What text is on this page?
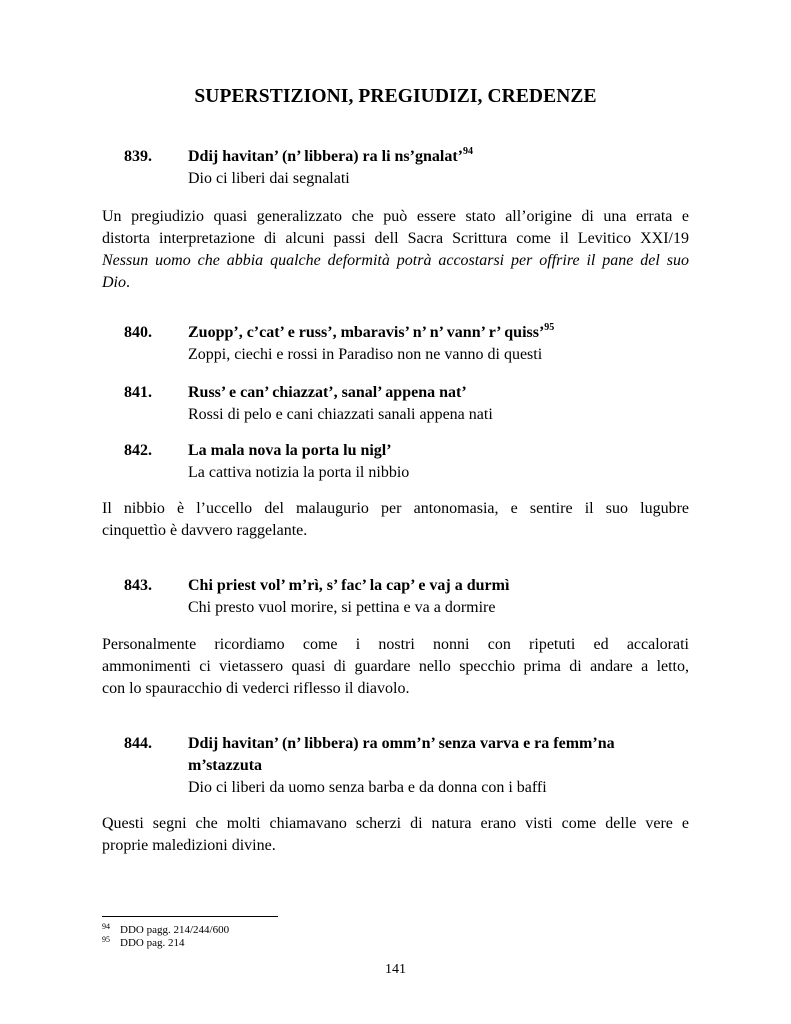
SUPERSTIZIONI, PREGIUDIZI, CREDENZE
839. Ddij havitan’ (n’ libbera) ra li ns’gnalat’$^{94}$
Dio ci liberi dai segnalati
Un pregiudizio quasi generalizzato che può essere stato all’origine di una errata e
distorta interpretazione di alcuni passi dell Sacra Scrittura come il Levitico XXI/19
Nessun uomo che abbia qualche deformità potrà accostarsi per offrire il pane del suo
Dio.
840. Zuopp’, c’cat’ e russ’, mbaravis’ n’ n’ vann’ r’ quiss’$^{95}$
Zoppi, ciechi e rossi in Paradiso non ne vanno di questi
841. Russ’ e can’ chiazzat’, sanal’ appena nat’
Rossi di pelo e cani chiazzati sanali appena nati
842. La mala nova la porta lu nigl’
La cattiva notizia la porta il nibbio
Il nibbio è l’uccello del malaugurio per antonomasia, e sentire il suo lugubre
cinquettìo è davvero raggelante.
843. Chi priest vol’ m’rì, s’ fac’ la cap’ e vaj a durmì
Chi presto vuol morire, si pettina e va a dormire
Personalmente ricordiamo come i nostri nonni con ripetuti ed accalorati
ammonimenti ci vietassero quasi di guardare nello specchio prima di andare a letto,
con lo spauracchio di vederci riflesso il diavolo.
844. Ddij havitan’ (n’ libbera) ra omm’n’ senza varva e ra femm’na
m’stazzuta
Dio ci liberi da uomo senza barba e da donna con i baffi
Questi segni che molti chiamavano scherzi di natura erano visti come delle vere e
proprie maledizioni divine.
$^{94}$ DDO pagg. 214/244/600
$^{95}$ DDO pag. 214
141
